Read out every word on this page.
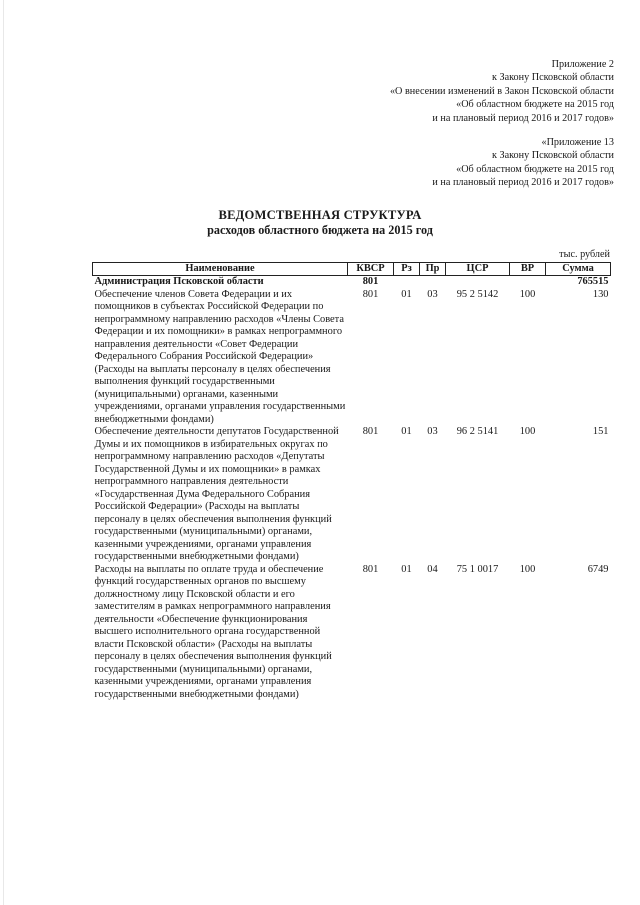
Приложение 2
к Закону Псковской области
«О внесении изменений в Закон Псковской области
«Об областном бюджете на 2015 год
и на плановый период 2016 и 2017 годов»
«Приложение 13
к Закону Псковской области
«Об областном бюджете на 2015 год
и на плановый период 2016 и 2017 годов»
ВЕДОМСТВЕННАЯ СТРУКТУРА
расходов областного бюджета на 2015 год
тыс. рублей
Наименование	КВСР	Рз	Пр	ЦСР	ВР	Сумма
Администрация Псковской области	801					765515
Обеспечение членов Совета Федерации и их помощников в субъектах Российской Федерации по непрограммному направлению расходов «Члены Совета Федерации и их помощники» в рамках непрограммного направления деятельности «Совет Федерации Федерального Собрания Российской Федерации» (Расходы на выплаты персоналу в целях обеспечения выполнения функций государственными (муниципальными) органами, казенными учреждениями, органами управления государственными внебюджетными фондами)	801	01	03	95 2 5142	100	130
Обеспечение деятельности депутатов Государственной Думы и их помощников в избирательных округах по непрограммному направлению расходов «Депутаты Государственной Думы и их помощники» в рамках непрограммного направления деятельности «Государственная Дума Федерального Собрания Российской Федерации» (Расходы на выплаты персоналу в целях обеспечения выполнения функций государственными (муниципальными) органами, казенными учреждениями, органами управления государственными внебюджетными фондами)	801	01	03	96 2 5141	100	151
Расходы на выплаты по оплате труда и обеспечение функций государственных органов по высшему должностному лицу Псковской области и его заместителям в рамках непрограммного направления деятельности «Обеспечение функционирования высшего исполнительного органа государственной власти Псковской области» (Расходы на выплаты персоналу в целях обеспечения выполнения функций государственными (муниципальными) органами, казенными учреждениями, органами управления государственными внебюджетными фондами)	801	01	04	75 1 0017	100	6749
